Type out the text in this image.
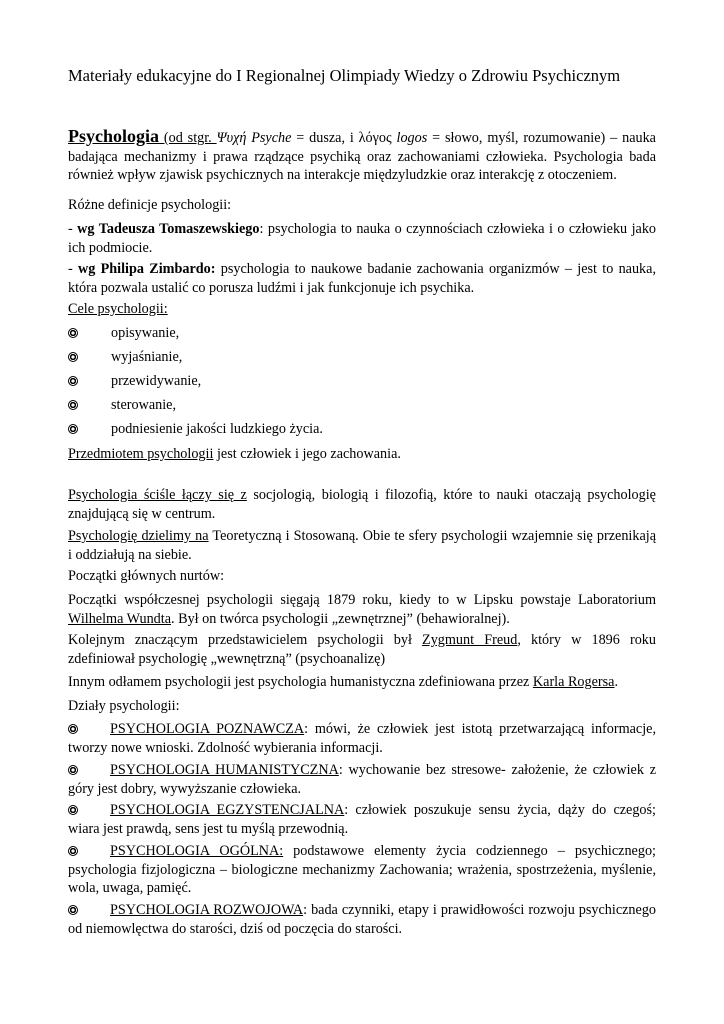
Materiały edukacyjne do I Regionalnej Olimpiady Wiedzy o Zdrowiu Psychicznym
Psychologia (od stgr. Ψυχή Psyche = dusza, i λόγος logos = słowo, myśl, rozumowanie) – nauka badająca mechanizmy i prawa rządzące psychiką oraz zachowaniami człowieka. Psychologia bada również wpływ zjawisk psychicznych na interakcje międzyludzkie oraz interakcję z otoczeniem.
Różne definicje psychologii:
- wg Tadeusza Tomaszewskiego: psychologia to nauka o czynnościach człowieka i o człowieku jako ich podmiocie.
- wg Philipa Zimbardo: psychologia to naukowe badanie zachowania organizmów – jest to nauka, która pozwala ustalić co porusza ludźmi i jak funkcjonuje ich psychika.
Cele psychologii:
opisywanie,
wyjaśnianie,
przewidywanie,
sterowanie,
podniesienie jakości ludzkiego życia.
Przedmiotem psychologii jest człowiek i jego zachowania.
Psychologia ściśle łączy się z socjologią, biologią i filozofią, które to nauki otaczają psychologię znajdującą się w centrum.
Psychologię dzielimy na Teoretyczną i Stosowaną. Obie te sfery psychologii wzajemnie się przenikają i oddziałują na siebie.
Początki głównych nurtów:
Początki współczesnej psychologii sięgają 1879 roku, kiedy to w Lipsku powstaje Laboratorium Wilhelma Wundta. Był on twórca psychologii „zewnętrznej” (behawioralnej).
Kolejnym znaczącym przedstawicielem psychologii był Zygmunt Freud, który w 1896 roku zdefiniował psychologię „wewnętrzną” (psychoanalizę)
Innym odłamem psychologii jest psychologia humanistyczna zdefiniowana przez Karla Rogersa.
Działy psychologii:
PSYCHOLOGIA POZNAWCZA: mówi, że człowiek jest istotą przetwarzającą informacje, tworzy nowe wnioski. Zdolność wybierania informacji.
PSYCHOLOGIA HUMANISTYCZNA: wychowanie bez stresowe- założenie, że człowiek z góry jest dobry, wywyższanie człowieka.
PSYCHOLOGIA EGZYSTENCJALNA: człowiek poszukuje sensu życia, dąży do czegoś; wiara jest prawdą, sens jest tu myślą przewodnią.
PSYCHOLOGIA OGÓLNA: podstawowe elementy życia codziennego – psychicznego; psychologia fizjologiczna – biologiczne mechanizmy Zachowania; wrażenia, spostrzeżenia, myślenie, wola, uwaga, pamięć.
PSYCHOLOGIA ROZWOJOWA: bada czynniki, etapy i prawidłowości rozwoju psychicznego od niemowlęctwa do starości, dziś od poczęcia do starości.
